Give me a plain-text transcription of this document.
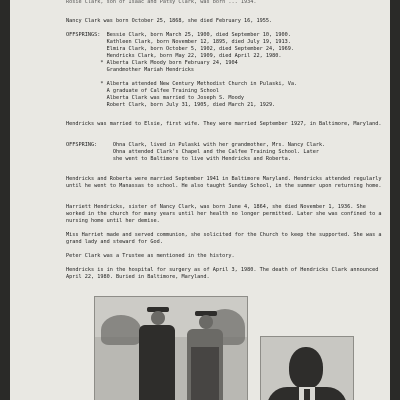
Rosie Clark, son of Isaac and Patsy Clark, was born ... 1934.

Nancy Clark was born October 25, 1868, she died February 16, 1955.

OFFSPRINGS:  Bessie Clark, born March 25, 1900, died September 10, 1900.

Kathleen Clark, born November 12, 1895, died July 19, 1913.

Elmira Clark, born October 5, 1902, died September 24, 1969.

Hendricks Clark, born May 22, 1909, died April 22, 1980.

* Alberta Clark Moody born February 24, 1904

Grandmother Mariah Hendricks

* Alberta attended New Century Methodist Church in Pulaski, Va.

A graduate of Calfee Training School

Alberta Clark was married to Joseph S. Moody

Robert Clark, born July 31, 1905, died March 21, 1929.

Hendricks was married to Elsie, first wife. They were married September 1927, in Baltimore, Maryland.

OFFSPRING:     Ohna Clark, lived in Pulaski with her grandmother, Mrs. Nancy Clark.

Ohna attended Clark's Chapel and the Calfee Training School. Later

she went to Baltimore to live with Hendricks and Roberta.

Hendricks and Roberta were married September 1941 in Baltimore Maryland. Hendricks attended regularly until he went to Manassas to school. He also taught Sunday School, in the summer upon returning home.

Harriett Hendricks, sister of Nancy Clark, was born June 4, 1864, she died November 1, 1936. She worked in the church for many years until her health no longer permitted. Later she was confined to a nursing home until her demise.

Miss Harriet made and served communion, she solicited for the Church to keep the supported. She was a grand lady and steward for God.

Peter Clark was a Trustee as mentioned in the history.

Hendricks is in the hospital for surgery as of April 3, 1980. The death of Hendricks Clark announced April 22, 1980. Buried in Baltimore, Maryland.
